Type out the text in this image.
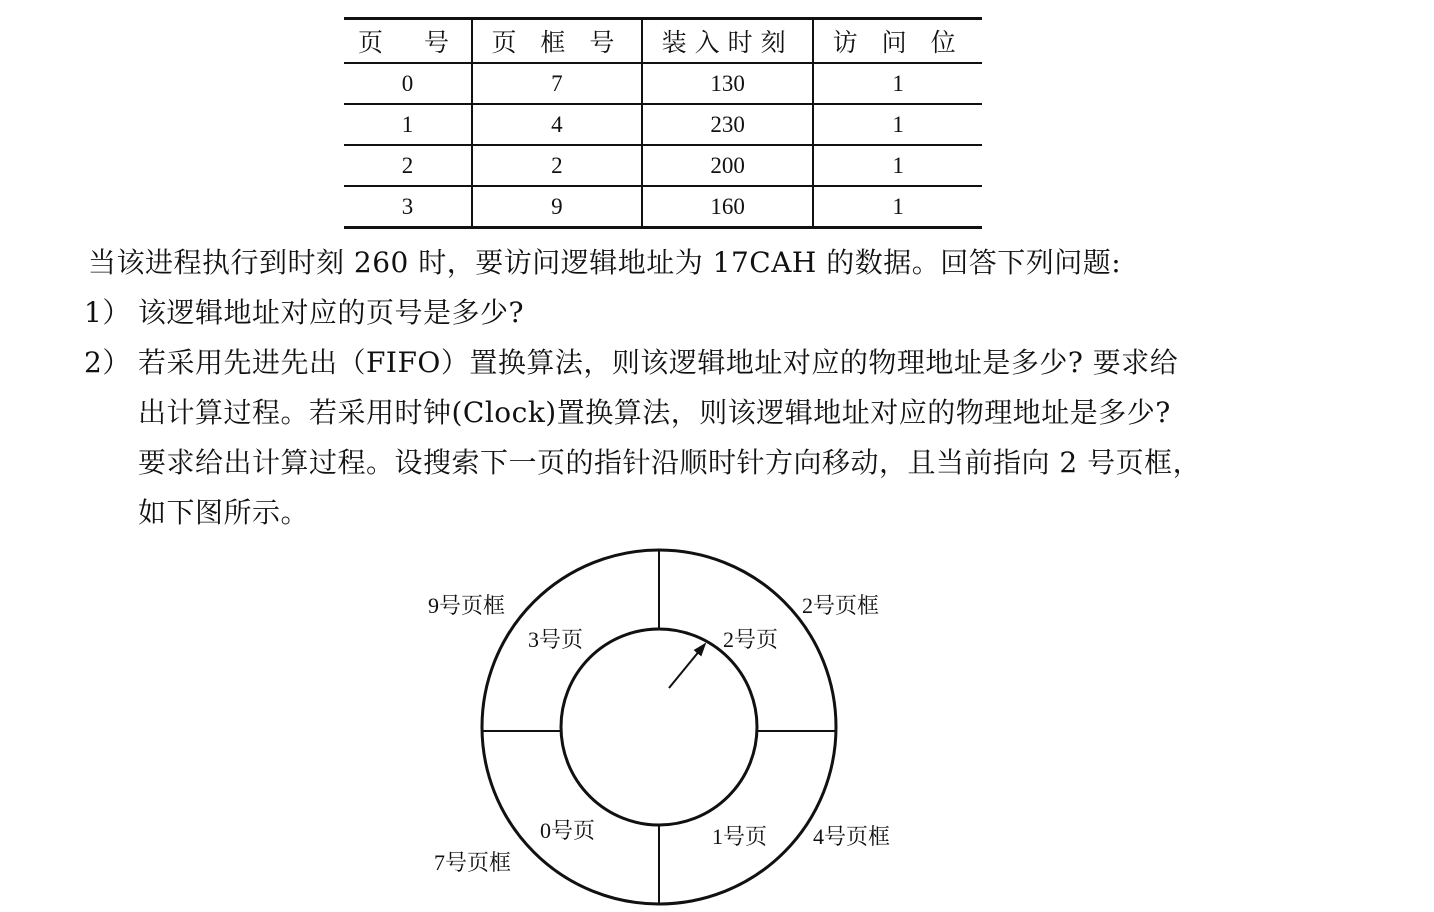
页　号	页 框 号	装入时刻	访 问 位
0	7	130	1
1	4	230	1
2	2	200	1
3	9	160	1

当该进程执行到时刻 260 时，要访问逻辑地址为 17CAH 的数据。回答下列问题:

1） 该逻辑地址对应的页号是多少?
2） 若采用先进先出（FIFO）置换算法，则该逻辑地址对应的物理地址是多少? 要求给
出计算过程。若采用时钟(Clock)置换算法，则该逻辑地址对应的物理地址是多少?
要求给出计算过程。设搜索下一页的指针沿顺时针方向移动，且当前指向 2 号页框，
如下图所示。
9号页框	2号页框
4号页框
7号页框
3号页	2号页
1号页
0号页
